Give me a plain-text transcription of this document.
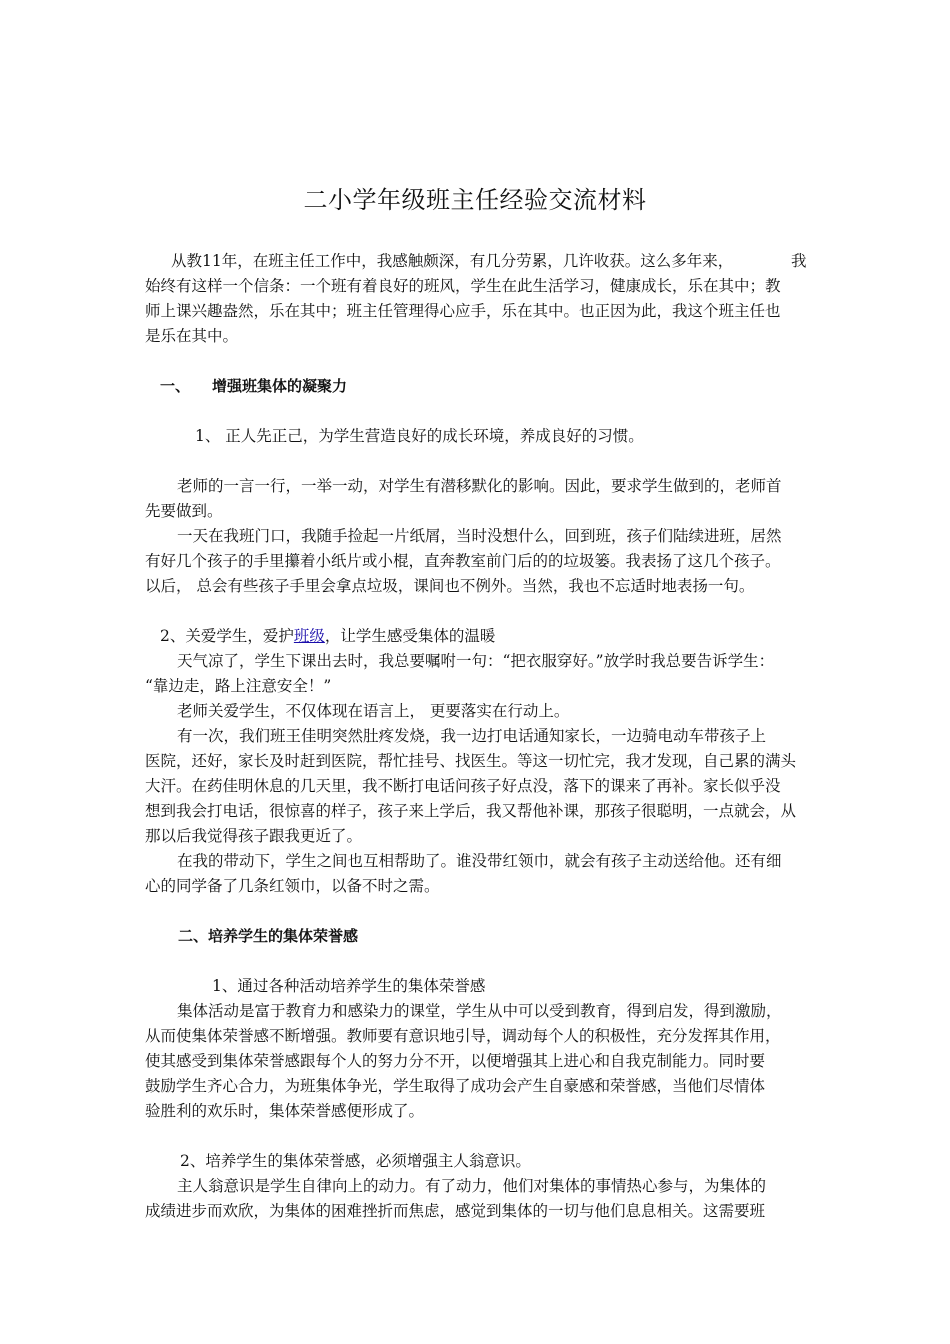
二小学年级班主任经验交流材料
从教11年，在班主任工作中，我感触颇深，有几分劳累，几许收获。这么多年来，	我
始终有这样一个信条：一个班有着良好的班风，学生在此生活学习，健康成长，乐在其中；教
师上课兴趣盎然，乐在其中；班主任管理得心应手，乐在其中。也正因为此，我这个班主任也
是乐在其中。
一、 增强班集体的凝聚力
1、 正人先正己，为学生营造良好的成长环境，养成良好的习惯。
老师的一言一行，一举一动，对学生有潜移默化的影响。因此，要求学生做到的，老师首
先要做到。
一天在我班门口，我随手捡起一片纸屑，当时没想什么，回到班，孩子们陆续进班，居然
有好几个孩子的手里攥着小纸片或小棍，直奔教室前门后的的垃圾篓。我表扬了这几个孩子。
以后， 总会有些孩子手里会拿点垃圾，课间也不例外。当然，我也不忘适时地表扬一句。
2、关爱学生，爱护班级，让学生感受集体的温暖
天气凉了，学生下课出去时，我总要嘱咐一句：“把衣服穿好。”放学时我总要告诉学生：
“靠边走，路上注意安全！”
老师关爱学生，不仅体现在语言上， 更要落实在行动上。
有一次，我们班王佳明突然肚疼发烧，我一边打电话通知家长，一边骑电动车带孩子上
医院，还好，家长及时赶到医院，帮忙挂号、找医生。等这一切忙完，我才发现，自己累的满头
大汗。在药佳明休息的几天里，我不断打电话问孩子好点没，落下的课来了再补。家长似乎没
想到我会打电话，很惊喜的样子，孩子来上学后，我又帮他补课，那孩子很聪明，一点就会，从
那以后我觉得孩子跟我更近了。
在我的带动下，学生之间也互相帮助了。谁没带红领巾，就会有孩子主动送给他。还有细
心的同学备了几条红领巾，以备不时之需。
二、培养学生的集体荣誉感
1、通过各种活动培养学生的集体荣誉感
集体活动是富于教育力和感染力的课堂，学生从中可以受到教育，得到启发，得到激励，
从而使集体荣誉感不断增强。教师要有意识地引导，调动每个人的积极性，充分发挥其作用，
使其感受到集体荣誉感跟每个人的努力分不开，以便增强其上进心和自我克制能力。同时要
鼓励学生齐心合力，为班集体争光，学生取得了成功会产生自豪感和荣誉感，当他们尽情体
验胜利的欢乐时，集体荣誉感便形成了。
2、培养学生的集体荣誉感，必须增强主人翁意识。
主人翁意识是学生自律向上的动力。有了动力，他们对集体的事情热心参与，为集体的
成绩进步而欢欣，为集体的困难挫折而焦虑，感觉到集体的一切与他们息息相关。这需要班
